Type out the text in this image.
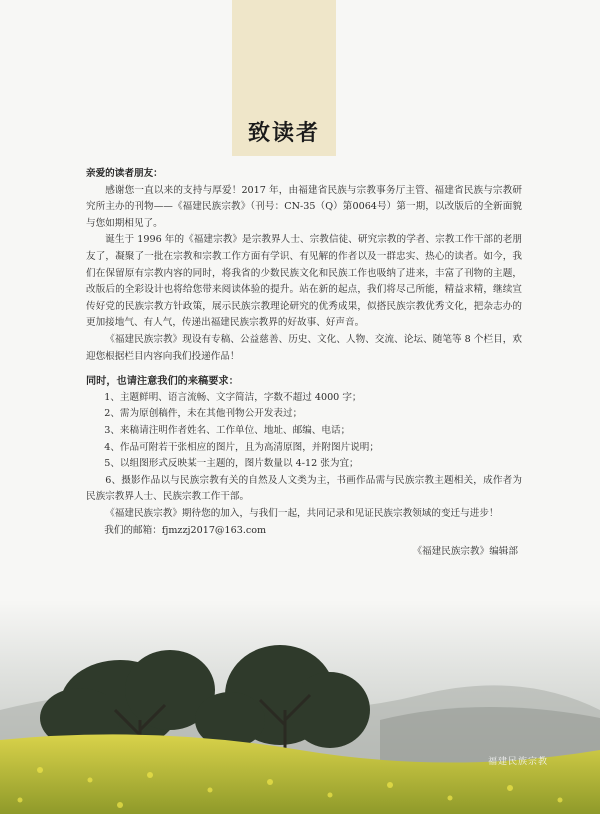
致读者

亲爱的读者朋友：

感谢您一直以来的支持与厚爱！2017 年，由福建省民族与宗教事务厅主管、福建省民族与宗教研究所主办的刊物——《福建民族宗教》（刊号：CN-35（Q）第0064号）第一期，以改版后的全新面貌与您如期相见了。

诞生于 1996 年的《福建宗教》是宗教界人士、宗教信徒、研究宗教的学者、宗教工作干部的老朋友了，凝聚了一批在宗教和宗教工作方面有学识、有见解的作者以及一群忠实、热心的读者。如今，我们在保留原有宗教内容的同时，将我省的少数民族文化和民族工作也吸纳了进来，丰富了刊物的主题，改版后的全彩设计也将给您带来阅读体验的提升。站在新的起点，我们将尽己所能，精益求精，继续宣传好党的民族宗教方针政策，展示民族宗教理论研究的优秀成果，似搭民族宗教优秀文化，把杂志办的更加接地气、有人气，传递出福建民族宗教界的好故事、好声音。

《福建民族宗教》现设有专稿、公益慈善、历史、文化、人物、交流、论坛、随笔等 8 个栏目，欢迎您根据栏目内容向我们投递作品！

同时，也请注意我们的来稿要求：

1、主题鲜明、语言流畅、文字简洁，字数不超过 4000 字；

2、需为原创稿件，未在其他刊物公开发表过；

3、来稿请注明作者姓名、工作单位、地址、邮编、电话；

4、作品可附若干张相应的图片，且为高清原图，并附图片说明；

5、以组图形式反映某一主题的，图片数量以 4-12 张为宜；

6、摄影作品以与民族宗教有关的自然及人文类为主，书画作品需与民族宗教主题相关，成作者为民族宗教界人士、民族宗教工作干部。

《福建民族宗教》期待您的加入，与我们一起，共同记录和见证民族宗教领域的变迁与进步！

我们的邮箱：fjmzzj2017@163.com

《福建民族宗教》编辑部

福建民族宗教
